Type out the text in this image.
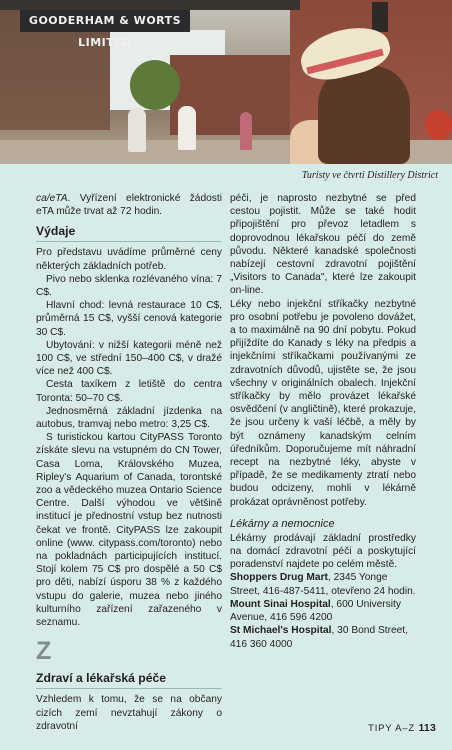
GOODERHAM & WORTS LIMITED
Turisty ve čtvrti Distillery District

ca/eTA. Vyřízení elektronické žádosti eTA může trvat až 72 hodin.

Výdaje

Pro představu uvádíme průměrné ceny některých základních potřeb.

Pivo nebo sklenka rozlévaného vína: 7 C$.

Hlavní chod: levná restaurace 10 C$, průměrná 15 C$, vyšší cenová kategorie 30 C$.

Ubytování: v nižší kategorii méně než 100 C$, ve střední 150–400 C$, v dražé více než 400 C$.

Cesta taxíkem z letiště do centra Toronta: 50–70 C$.

Jednosměrná základní jízdenka na autobus, tramvaj nebo metro: 3,25 C$.

S turistickou kartou CityPASS Toronto získáte slevu na vstupném do CN Tower, Casa Loma, Královského Muzea, Ripley's Aquarium of Canada, torontské zoo a vědeckého muzea Ontario Science Centre. Další výhodou ve většině institucí je přednostní vstup bez nutnosti čekat ve frontě. CityPASS lze zakoupit online (www. citypass.com/toronto) nebo na pokladnách participujících institucí. Stojí kolem 75 C$ pro dospělé a 50 C$ pro děti, nabízí úsporu 38 % z každého vstupu do galerie, muzea nebo jiného kulturního zařízení zařazeného v seznamu.

Z
Zdraví a lékařská péče

Vzhledem k tomu, že se na občany cizích zemí nevztahují zákony o zdravotní

péči, je naprosto nezbytné se před cestou pojistit. Může se také hodit připojištění pro převoz letadlem s doprovodnou lékařskou péčí do země původu. Některé kanadské společnosti nabízejí cestovní zdravotní pojištění „Visitors to Canada", které lze zakoupit on-line.

Léky nebo injekční stříkačky nezbytné pro osobní potřebu je povoleno dovážet, a to maximálně na 90 dní pobytu. Pokud přijíždíte do Kanady s léky na předpis a injekčními stříkačkami používanými ze zdravotních důvodů, ujistěte se, že jsou všechny v originálních obalech. Injekční stříkačky by mělo provázet lékařské osvědčení (v angličtině), které prokazuje, že jsou určeny k vaší léčbě, a měly by být oznámeny kanadským celním úředníkům. Doporučujeme mít náhradní recept na nezbytné léky, abyste v případě, že se medikamenty ztratí nebo budou odcizeny, mohli v lékárně prokázat oprávněnost potřeby.

Lékárny a nemocnice

Lékárny prodávají základní prostředky na domácí zdravotní péči a poskytující poradenství najdete po celém městě.

Shoppers Drug Mart, 2345 Yonge Street, 416-487-5411, otevřeno 24 hodin.

Mount Sinai Hospital, 600 University Avenue, 416 596 4200

St Michael's Hospital, 30 Bond Street, 416 360 4000

TIPY A–Z 113
